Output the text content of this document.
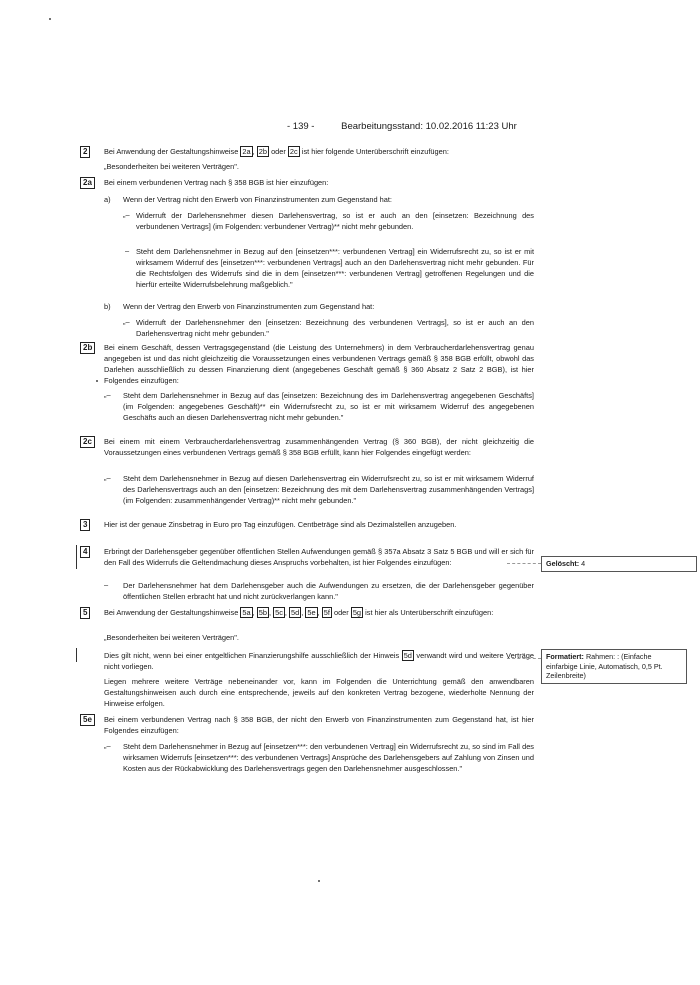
- 139 -	Bearbeitungsstand: 10.02.2016 11:23 Uhr
2	Bei Anwendung der Gestaltungshinweise 2a , 2b oder 2c ist hier folgende Unterüberschrift einzufügen:
„Besonderheiten bei weiteren Verträgen".
2a	Bei einem verbundenen Vertrag nach § 358 BGB ist hier einzufügen:
a)	Wenn der Vertrag nicht den Erwerb von Finanzinstrumenten zum Gegenstand hat:
„– Widerruft der Darlehensnehmer diesen Darlehensvertrag, so ist er auch an den [einsetzen: Bezeichnung des verbundenen Vertrags] (im Folgenden: verbundener Vertrag)** nicht mehr gebunden.
– Steht dem Darlehensnehmer in Bezug auf den [einsetzen***: verbundenen Vertrag] ein Widerrufsrecht zu, so ist er mit wirksamem Widerruf des [einsetzen***: verbundenen Vertrags] auch an den Darlehensvertrag nicht mehr gebunden. Für die Rechtsfolgen des Widerrufs sind die in dem [einsetzen***: verbundenen Vertrag] getroffenen Regelungen und die hierfür erteilte Widerrufsbelehrung maßgeblich."
b)	Wenn der Vertrag den Erwerb von Finanzinstrumenten zum Gegenstand hat:
„– Widerruft der Darlehensnehmer den [einsetzen: Bezeichnung des verbundenen Vertrags], so ist er auch an den Darlehensvertrag nicht mehr gebunden."
2b	Bei einem Geschäft, dessen Vertragsgegenstand (die Leistung des Unternehmers) in dem Verbraucherdarlehensvertrag genau angegeben ist und das nicht gleichzeitig die Voraussetzungen eines verbundenen Vertrags gemäß § 358 BGB erfüllt, obwohl das Darlehen ausschließlich zu dessen Finanzierung dient (angegebenes Geschäft gemäß § 360 Absatz 2 Satz 2 BGB), ist hier Folgendes einzufügen:
„– Steht dem Darlehensnehmer in Bezug auf das [einsetzen: Bezeichnung des im Darlehensvertrag angegebenen Geschäfts] (im Folgenden: angegebenes Geschäft)** ein Widerrufsrecht zu, so ist er mit wirksamem Widerruf des angegebenen Geschäfts auch an diesen Darlehensvertrag nicht mehr gebunden."
2c	Bei einem mit einem Verbraucherdarlehensvertrag zusammenhängenden Vertrag (§ 360 BGB), der nicht gleichzeitig die Voraussetzungen eines verbundenen Vertrags gemäß § 358 BGB erfüllt, kann hier Folgendes eingefügt werden:
„– Steht dem Darlehensnehmer in Bezug auf diesen Darlehensvertrag ein Widerrufsrecht zu, so ist er mit wirksamem Widerruf des Darlehensvertrags auch an den [einsetzen: Bezeichnung des mit dem Darlehensvertrag zusammenhängenden Vertrags] (im Folgenden: zusammenhängender Vertrag)** nicht mehr gebunden."
3	Hier ist der genaue Zinsbetrag in Euro pro Tag einzufügen. Centbeträge sind als Dezimalstellen anzugeben.
4	Erbringt der Darlehensgeber gegenüber öffentlichen Stellen Aufwendungen gemäß § 357a Absatz 3 Satz 5 BGB und will er sich für den Fall des Widerrufs die Geltendmachung dieses Anspruchs vorbehalten, ist hier Folgendes einzufügen:
– Der Darlehensnehmer hat dem Darlehensgeber auch die Aufwendungen zu ersetzen, die der Darlehensgeber gegenüber öffentlichen Stellen erbracht hat und nicht zurückverlangen kann."
5	Bei Anwendung der Gestaltungshinweise 5a , 5b , 5c , 5d , 5e , 5f oder 5g ist hier als Unterüberschrift einzufügen:
„Besonderheiten bei weiteren Verträgen".
Dies gilt nicht, wenn bei einer entgeltlichen Finanzierungshilfe ausschließlich der Hinweis 5d verwandt wird und weitere Verträge nicht vorliegen.
Liegen mehrere weitere Verträge nebeneinander vor, kann im Folgenden die Unterrichtung gemäß den anwendbaren Gestaltungshinweisen auch durch eine entsprechende, jeweils auf den konkreten Vertrag bezogene, wiederholte Nennung der Hinweise erfolgen.
5e	Bei einem verbundenen Vertrag nach § 358 BGB, der nicht den Erwerb von Finanzinstrumenten zum Gegenstand hat, ist hier Folgendes einzufügen:
„– Steht dem Darlehensnehmer in Bezug auf [einsetzen***: den verbundenen Vertrag] ein Widerrufsrecht zu, so sind im Fall des wirksamen Widerrufs [einsetzen***: des verbundenen Vertrags] Ansprüche des Darlehensgebers auf Zahlung von Zinsen und Kosten aus der Rückabwicklung des Darlehensvertrags gegen den Darlehensnehmer ausgeschlossen."
Gelöscht: 4
Formatiert: Rahmen: : (Einfache einfarbige Linie, Automatisch, 0,5 Pt. Zeilenbreite)
